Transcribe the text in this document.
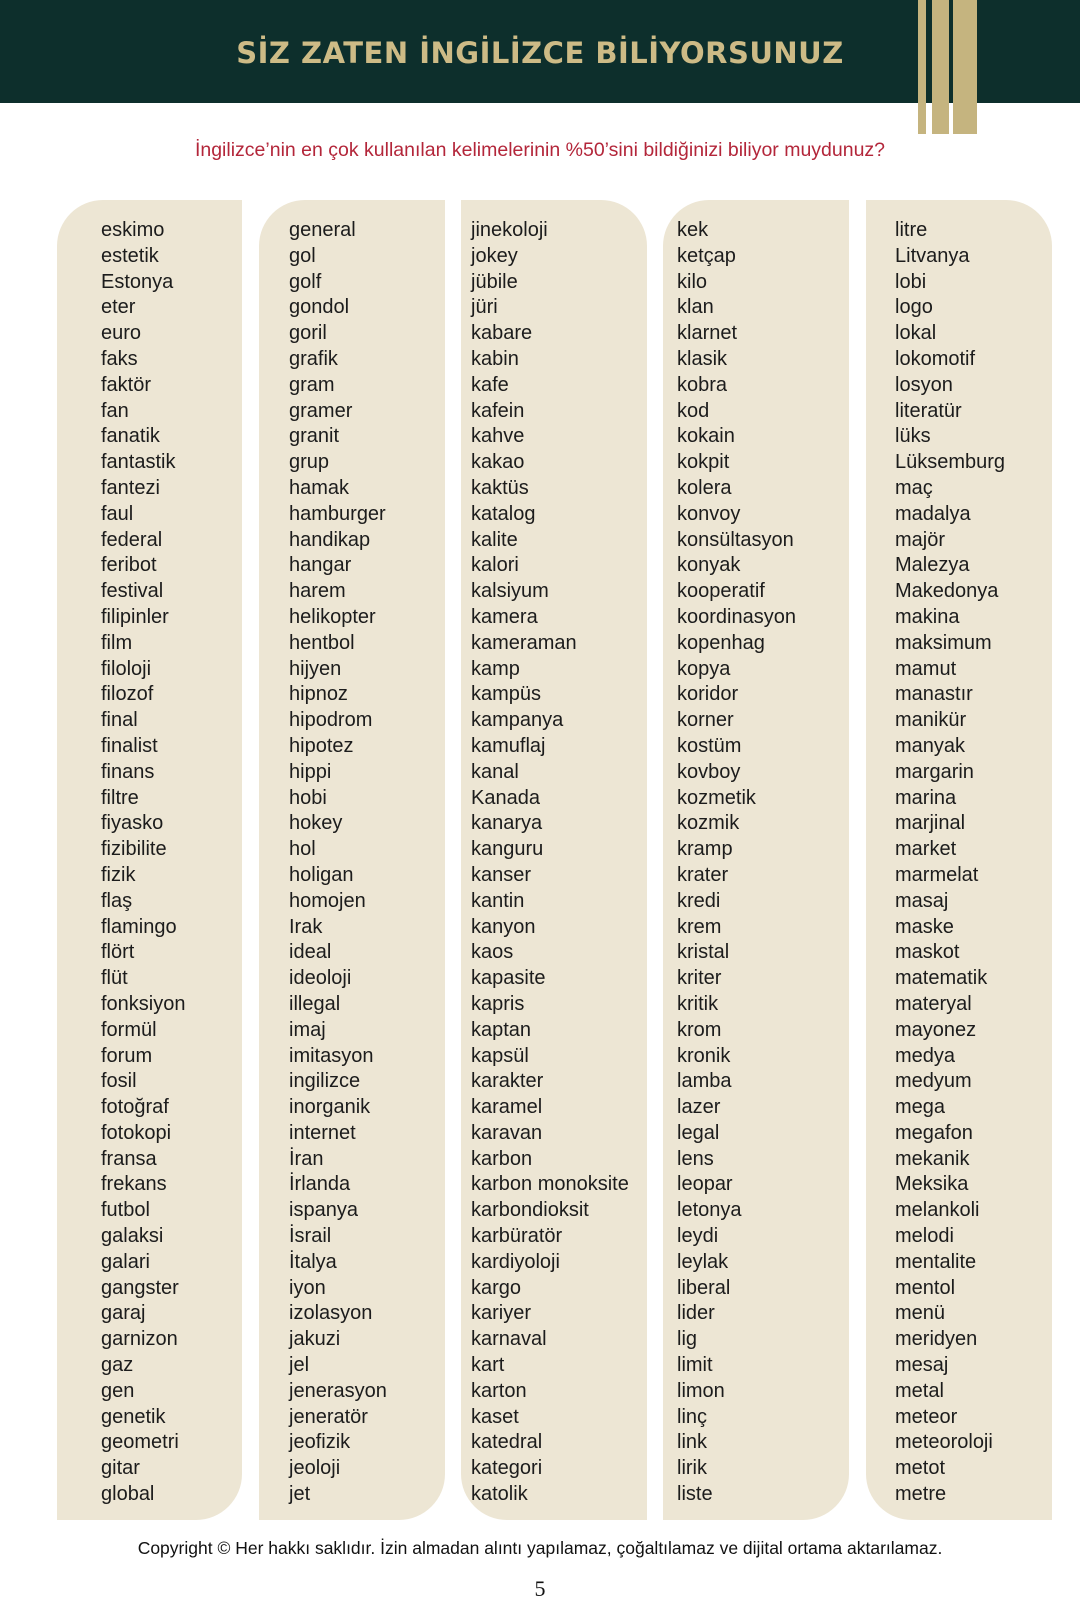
SİZ ZATEN İNGİLİZCE BİLİYORSUNUZ
İngilizce’nin en çok kullanılan kelimelerinin %50’sini bildiğinizi biliyor muydunuz?
eskimo
estetik
Estonya
eter
euro
faks
faktör
fan
fanatik
fantastik
fantezi
faul
federal
feribot
festival
filipinler
film
filoloji
filozof
final
finalist
finans
filtre
fiyasko
fizibilite
fizik
flaş
flamingo
flört
flüt
fonksiyon
formül
forum
fosil
fotoğraf
fotokopi
fransa
frekans
futbol
galaksi
galari
gangster
garaj
garnizon
gaz
gen
genetik
geometri
gitar
global
general
gol
golf
gondol
goril
grafik
gram
gramer
granit
grup
hamak
hamburger
handikap
hangar
harem
helikopter
hentbol
hijyen
hipnoz
hipodrom
hipotez
hippi
hobi
hokey
hol
holigan
homojen
Irak
ideal
ideoloji
illegal
imaj
imitasyon
ingilizce
inorganik
internet
İran
İrlanda
ispanya
İsrail
İtalya
iyon
izolasyon
jakuzi
jel
jenerasyon
jeneratör
jeofizik
jeoloji
jet
jinekoloji
jokey
jübile
jüri
kabare
kabin
kafe
kafein
kahve
kakao
kaktüs
katalog
kalite
kalori
kalsiyum
kamera
kameraman
kamp
kampüs
kampanya
kamuflaj
kanal
Kanada
kanarya
kanguru
kanser
kantin
kanyon
kaos
kapasite
kapris
kaptan
kapsül
karakter
karamel
karavan
karbon
karbon monoksite
karbondioksit
karbüratör
kardiyoloji
kargo
kariyer
karnaval
kart
karton
kaset
katedral
kategori
katolik
kek
ketçap
kilo
klan
klarnet
klasik
kobra
kod
kokain
kokpit
kolera
konvoy
konsültasyon
konyak
kooperatif
koordinasyon
kopenhag
kopya
koridor
korner
kostüm
kovboy
kozmetik
kozmik
kramp
krater
kredi
krem
kristal
kriter
kritik
krom
kronik
lamba
lazer
legal
lens
leopar
letonya
leydi
leylak
liberal
lider
lig
limit
limon
linç
link
lirik
liste
litre
Litvanya
lobi
logo
lokal
lokomotif
losyon
literatür
lüks
Lüksemburg
maç
madalya
majör
Malezya
Makedonya
makina
maksimum
mamut
manastır
manikür
manyak
margarin
marina
marjinal
market
marmelat
masaj
maske
maskot
matematik
materyal
mayonez
medya
medyum
mega
megafon
mekanik
Meksika
melankoli
melodi
mentalite
mentol
menü
meridyen
mesaj
metal
meteor
meteoroloji
metot
metre
Copyright © Her hakkı saklıdır. İzin almadan alıntı yapılamaz, çoğaltılamaz ve dijital ortama aktarılamaz.
5
